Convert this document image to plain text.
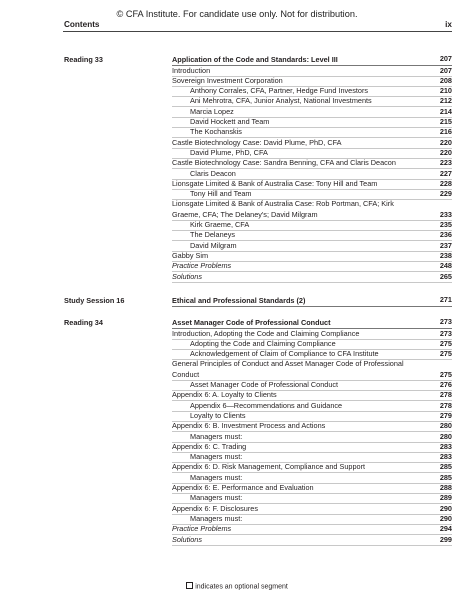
© CFA Institute. For candidate use only. Not for distribution.
Contents	ix
Reading 33	Application of the Code and Standards: Level III	207
Introduction	207
Sovereign Investment Corporation	208
Anthony Corrales, CFA, Partner, Hedge Fund Investors	210
Ani Mehrotra, CFA, Junior Analyst, National Investments	212
Marcia Lopez	214
David Hockett and Team	215
The Kochanskis	216
Castle Biotechnology Case: David Plume, PhD, CFA	220
David Plume, PhD, CFA	220
Castle Biotechnology Case: Sandra Benning, CFA and Claris Deacon	223
Claris Deacon	227
Lionsgate Limited & Bank of Australia Case: Tony Hill and Team	228
Tony Hill and Team	229
Lionsgate Limited & Bank of Australia Case: Rob Portman, CFA; Kirk
Graeme, CFA; The Delaney's; David Milgram	233
Kirk Graeme, CFA	235
The Delaneys	236
David Milgram	237
Gabby Sim	238
Practice Problems	248
Solutions	265
Study Session 16	Ethical and Professional Standards (2)	271
Reading 34	Asset Manager Code of Professional Conduct	273
Introduction, Adopting the Code and Claiming Compliance	273
Adopting the Code and Claiming Compliance	275
Acknowledgement of Claim of Compliance to CFA Institute	275
General Principles of Conduct and Asset Manager Code of Professional
Conduct	275
Asset Manager Code of Professional Conduct	276
Appendix 6: A. Loyalty to Clients	278
Appendix 6—Recommendations and Guidance	278
Loyalty to Clients	279
Appendix 6: B. Investment Process and Actions	280
Managers must:	280
Appendix 6: C. Trading	283
Managers must:	283
Appendix 6: D. Risk Management, Compliance and Support	285
Managers must:	285
Appendix 6: E. Performance and Evaluation	288
Managers must:	289
Appendix 6: F. Disclosures	290
Managers must:	290
Practice Problems	294
Solutions	299
indicates an optional segment
